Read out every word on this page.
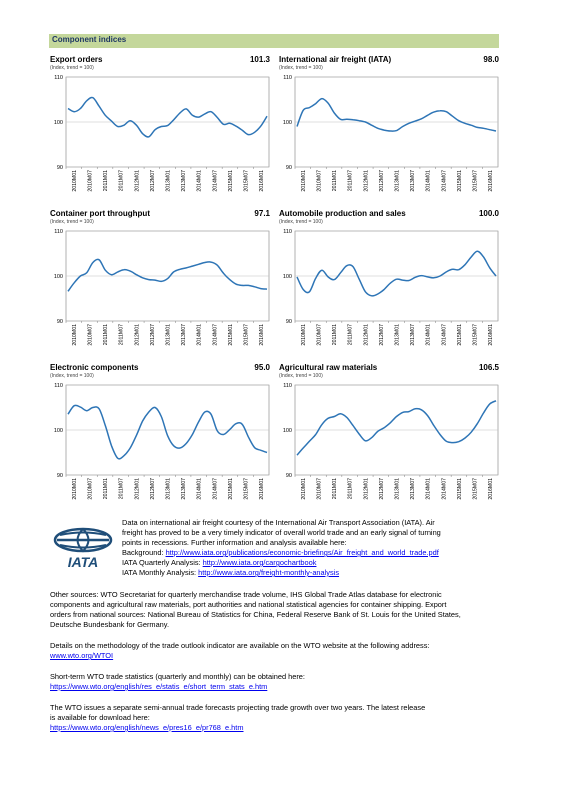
Component indices
Export orders	101.3
(Index, trend = 100)
90
100
110
2010M01 2010M07 2011M01 2011M07 2012M01 2012M07 2013M01 2013M07 2014M01 2014M07 2015M01 2015M07 2016M01
International air freight (IATA)	98.0
(Index, trend = 100)
90
100
110
2010M01 2010M07 2011M01 2011M07 2012M01 2012M07 2013M01 2013M07 2014M01 2014M07 2015M01 2015M07 2016M01
Container port throughput	97.1
(Index, trend = 100)
90
100
110
2010M01 2010M07 2011M01 2011M07 2012M01 2012M07 2013M01 2013M07 2014M01 2014M07 2015M01 2015M07 2016M01
Automobile production and sales	100.0
(Index, trend = 100)
90
100
110
2010M01 2010M07 2011M01 2011M07 2012M01 2012M07 2013M01 2013M07 2014M01 2014M07 2015M01 2015M07 2016M01
Electronic components	95.0
(Index, trend = 100)
90
100
110
2010M01 2010M07 2011M01 2011M07 2012M01 2012M07 2013M01 2013M07 2014M01 2014M07 2015M01 2015M07 2016M01
Agricultural raw materials	106.5
(Index, trend = 100)
90
100
110
2010M01 2010M07 2011M01 2011M07 2012M01 2012M07 2013M01 2013M07 2014M01 2014M07 2015M01 2015M07 2016M01
IATA
Data on international air freight courtesy of the International Air Transport Association (IATA). Air
freight has proved to be a very timely indicator of overall world trade and an early signal of turning
points in recessions. Further information and analysis available here:
Background: http://www.iata.org/publications/economic-briefings/Air_freight_and_world_trade.pdf
IATA Quarterly Analysis: http://www.iata.org/cargochartbook
IATA Monthly Analysis: http://www.iata.org/freight-monthly-analysis
Other sources: WTO Secretariat for quarterly merchandise trade volume, IHS Global Trade Atlas database for electronic
components and agricultural raw materials, port authorities and national statistical agencies for container shipping. Export
orders from national sources: National Bureau of Statistics for China, Federal Reserve Bank of St. Louis for the United States,
Deutsche Bundesbank for Germany.
Details on the methodology of the trade outlook indicator are available on the WTO website at the following address:
www.wto.org/WTOI
Short-term WTO trade statistics (quarterly and monthly) can be obtained here:
https://www.wto.org/english/res_e/statis_e/short_term_stats_e.htm
The WTO issues a separate semi-annual trade forecasts projecting trade growth over two years. The latest release
is available for download here:
https://www.wto.org/english/news_e/pres16_e/pr768_e.htm
